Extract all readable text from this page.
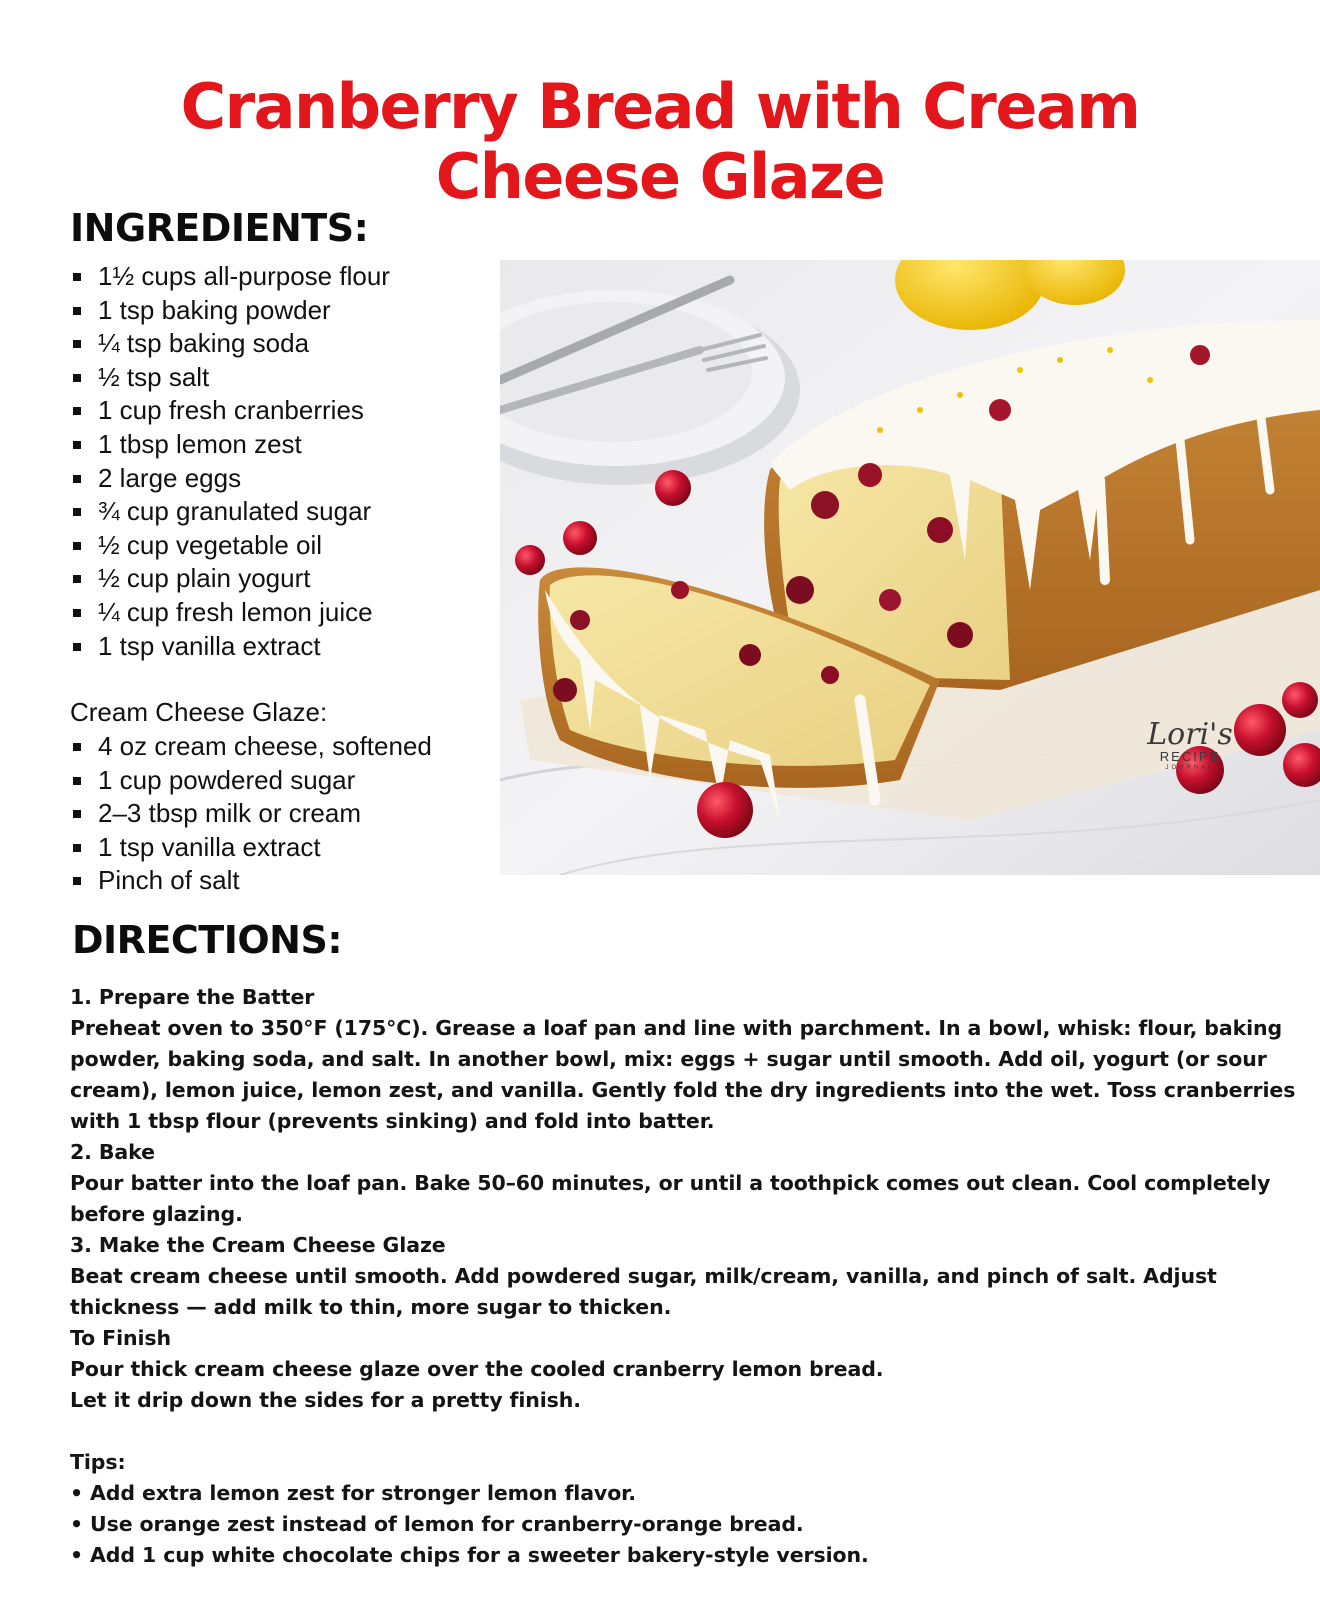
Cranberry Bread with Cream
Cheese Glaze
INGREDIENTS:
1½ cups all-purpose flour
1 tsp baking powder
¼ tsp baking soda
½ tsp salt
1 cup fresh cranberries
1 tbsp lemon zest
2 large eggs
¾ cup granulated sugar
½ cup vegetable oil
½ cup plain yogurt
¼ cup fresh lemon juice
1 tsp vanilla extract
Cream Cheese Glaze:
4 oz cream cheese, softened
1 cup powdered sugar
2–3 tbsp milk or cream
1 tsp vanilla extract
Pinch of salt
Lori's
RECIPE
JOURNAL
DIRECTIONS:

1. Prepare the Batter

Preheat oven to 350°F (175°C). Grease a loaf pan and line with parchment. In a bowl, whisk: flour, baking powder, baking soda, and salt. In another bowl, mix: eggs + sugar until smooth. Add oil, yogurt (or sour cream), lemon juice, lemon zest, and vanilla. Gently fold the dry ingredients into the wet. Toss cranberries with 1 tbsp flour (prevents sinking) and fold into batter.

2. Bake

Pour batter into the loaf pan. Bake 50–60 minutes, or until a toothpick comes out clean. Cool completely before glazing.

3. Make the Cream Cheese Glaze

Beat cream cheese until smooth. Add powdered sugar, milk/cream, vanilla, and pinch of salt. Adjust thickness — add milk to thin, more sugar to thicken.

To Finish

Pour thick cream cheese glaze over the cooled cranberry lemon bread.

Let it drip down the sides for a pretty finish.

Tips:

• Add extra lemon zest for stronger lemon flavor.

• Use orange zest instead of lemon for cranberry-orange bread.

• Add 1 cup white chocolate chips for a sweeter bakery-style version.
